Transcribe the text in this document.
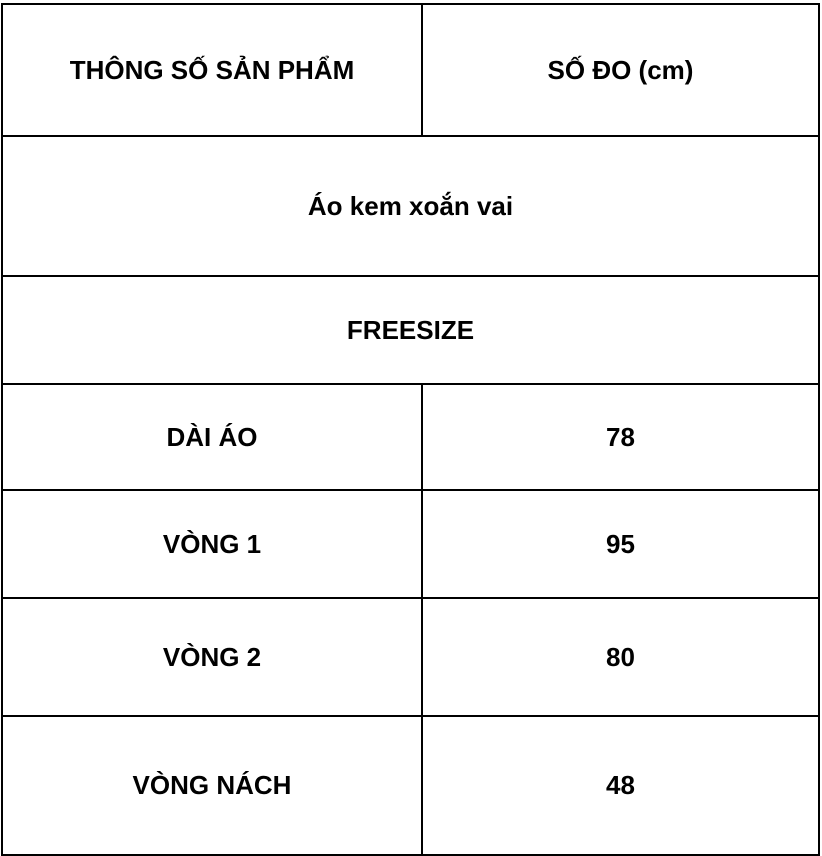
THÔNG SỐ SẢN PHẨM	SỐ ĐO (cm)
Áo kem xoắn vai	
FREESIZE	
DÀI ÁO	78
VÒNG 1	95
VÒNG 2	80
VÒNG NÁCH	48
